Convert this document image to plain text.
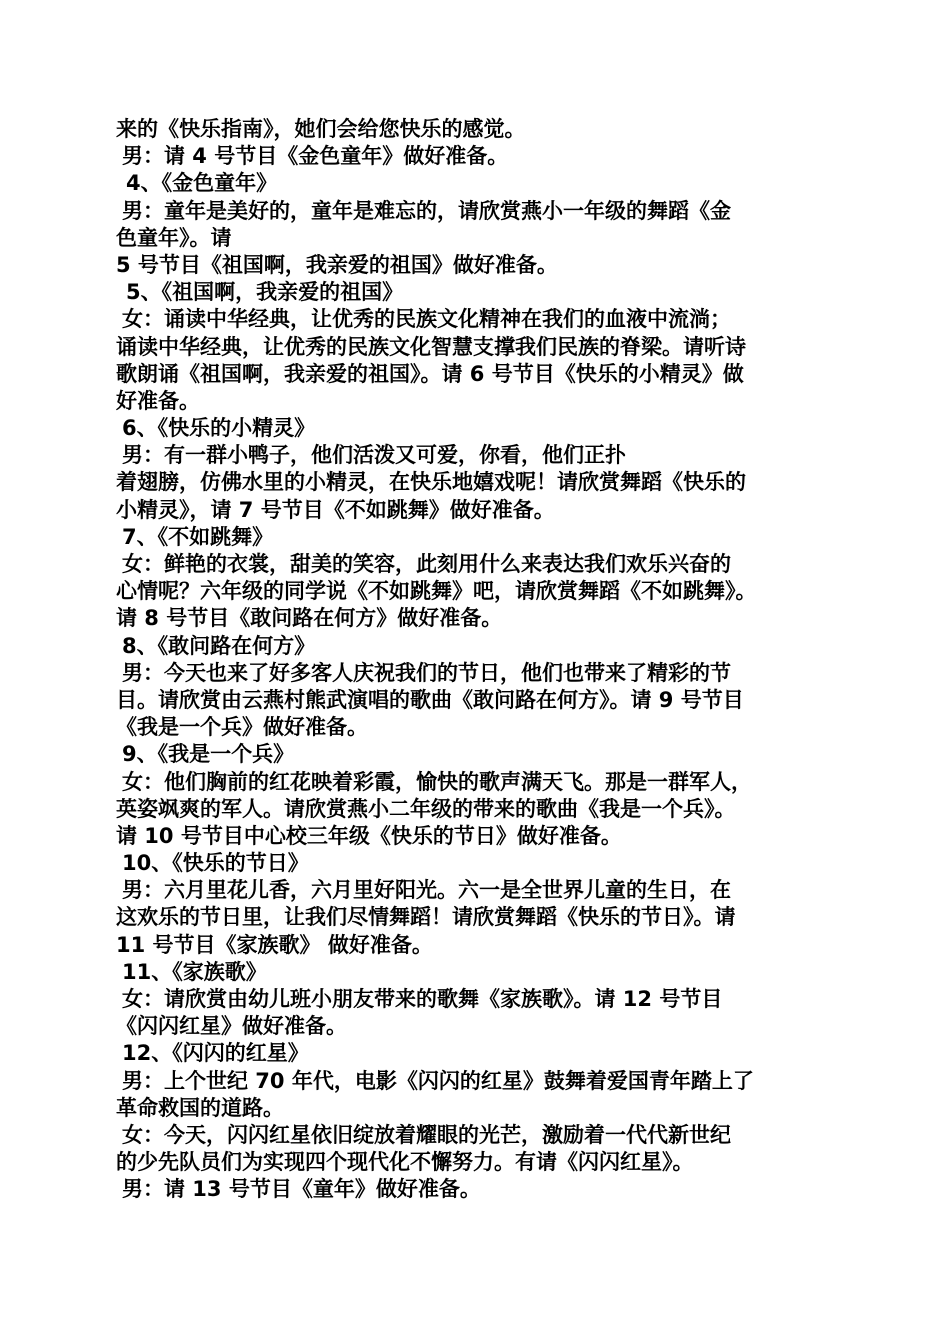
来的《快乐指南》，她们会给您快乐的感觉。
男：请 4 号节目《金色童年》做好准备。
4、《金色童年》
男：童年是美好的，童年是难忘的，请欣赏燕小一年级的舞蹈《金
色童年》。请
5 号节目《祖国啊，我亲爱的祖国》做好准备。
5、《祖国啊，我亲爱的祖国》
女：诵读中华经典，让优秀的民族文化精神在我们的血液中流淌；
诵读中华经典，让优秀的民族文化智慧支撑我们民族的脊梁。请听诗
歌朗诵《祖国啊，我亲爱的祖国》。请 6 号节目《快乐的小精灵》做
好准备。
6、《快乐的小精灵》
男：有一群小鸭子，他们活泼又可爱，你看，他们正扑
着翅膀，仿佛水里的小精灵，在快乐地嬉戏呢！请欣赏舞蹈《快乐的
小精灵》，请 7 号节目《不如跳舞》做好准备。
7、《不如跳舞》
女：鲜艳的衣裳，甜美的笑容，此刻用什么来表达我们欢乐兴奋的
心情呢？六年级的同学说《不如跳舞》吧，请欣赏舞蹈《不如跳舞》。
请 8 号节目《敢问路在何方》做好准备。
8、《敢问路在何方》
男：今天也来了好多客人庆祝我们的节日，他们也带来了精彩的节
目。请欣赏由云燕村熊武演唱的歌曲《敢问路在何方》。请 9 号节目
《我是一个兵》做好准备。
9、《我是一个兵》
女：他们胸前的红花映着彩霞，愉快的歌声满天飞。那是一群军人，
英姿飒爽的军人。请欣赏燕小二年级的带来的歌曲《我是一个兵》。
请 10 号节目中心校三年级《快乐的节日》做好准备。
10、《快乐的节日》
男：六月里花儿香，六月里好阳光。六一是全世界儿童的生日，在
这欢乐的节日里，让我们尽情舞蹈！请欣赏舞蹈《快乐的节日》。请
11 号节目《家族歌》 做好准备。
11、《家族歌》
女：请欣赏由幼儿班小朋友带来的歌舞《家族歌》。请 12 号节目
《闪闪红星》做好准备。
12、《闪闪的红星》
男：上个世纪 70 年代，电影《闪闪的红星》鼓舞着爱国青年踏上了
革命救国的道路。
女：今天，闪闪红星依旧绽放着耀眼的光芒，激励着一代代新世纪
的少先队员们为实现四个现代化不懈努力。有请《闪闪红星》。
男：请 13 号节目《童年》做好准备。
